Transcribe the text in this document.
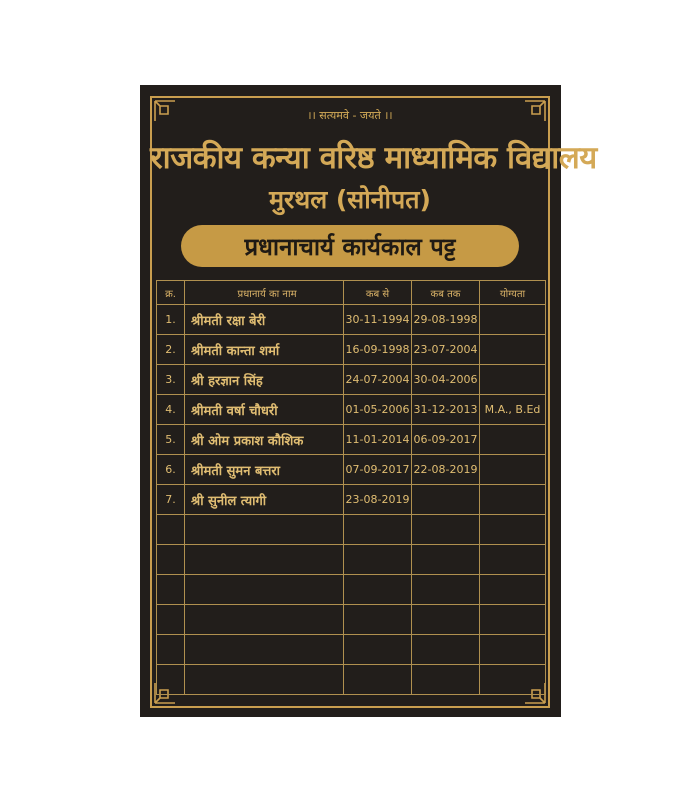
।। सत्यमवे - जयते ।।
राजकीय कन्या वरिष्ठ माध्यामिक विद्यालय
मुरथल (सोनीपत)
प्रधानाचार्य कार्यकाल पट्ट
क्र.	प्रधानार्य का नाम	कब से	कब तक	योग्यता
1.	श्रीमती रक्षा बेरी	30-11-1994	29-08-1998	
2.	श्रीमती कान्ता शर्मा	16-09-1998	23-07-2004	
3.	श्री हरज्ञान सिंह	24-07-2004	30-04-2006	
4.	श्रीमती वर्षा चौधरी	01-05-2006	31-12-2013	M.A., B.Ed
5.	श्री ओम प्रकाश कौशिक	11-01-2014	06-09-2017	
6.	श्रीमती सुमन बत्तरा	07-09-2017	22-08-2019	
7.	श्री सुनील त्यागी	23-08-2019		
